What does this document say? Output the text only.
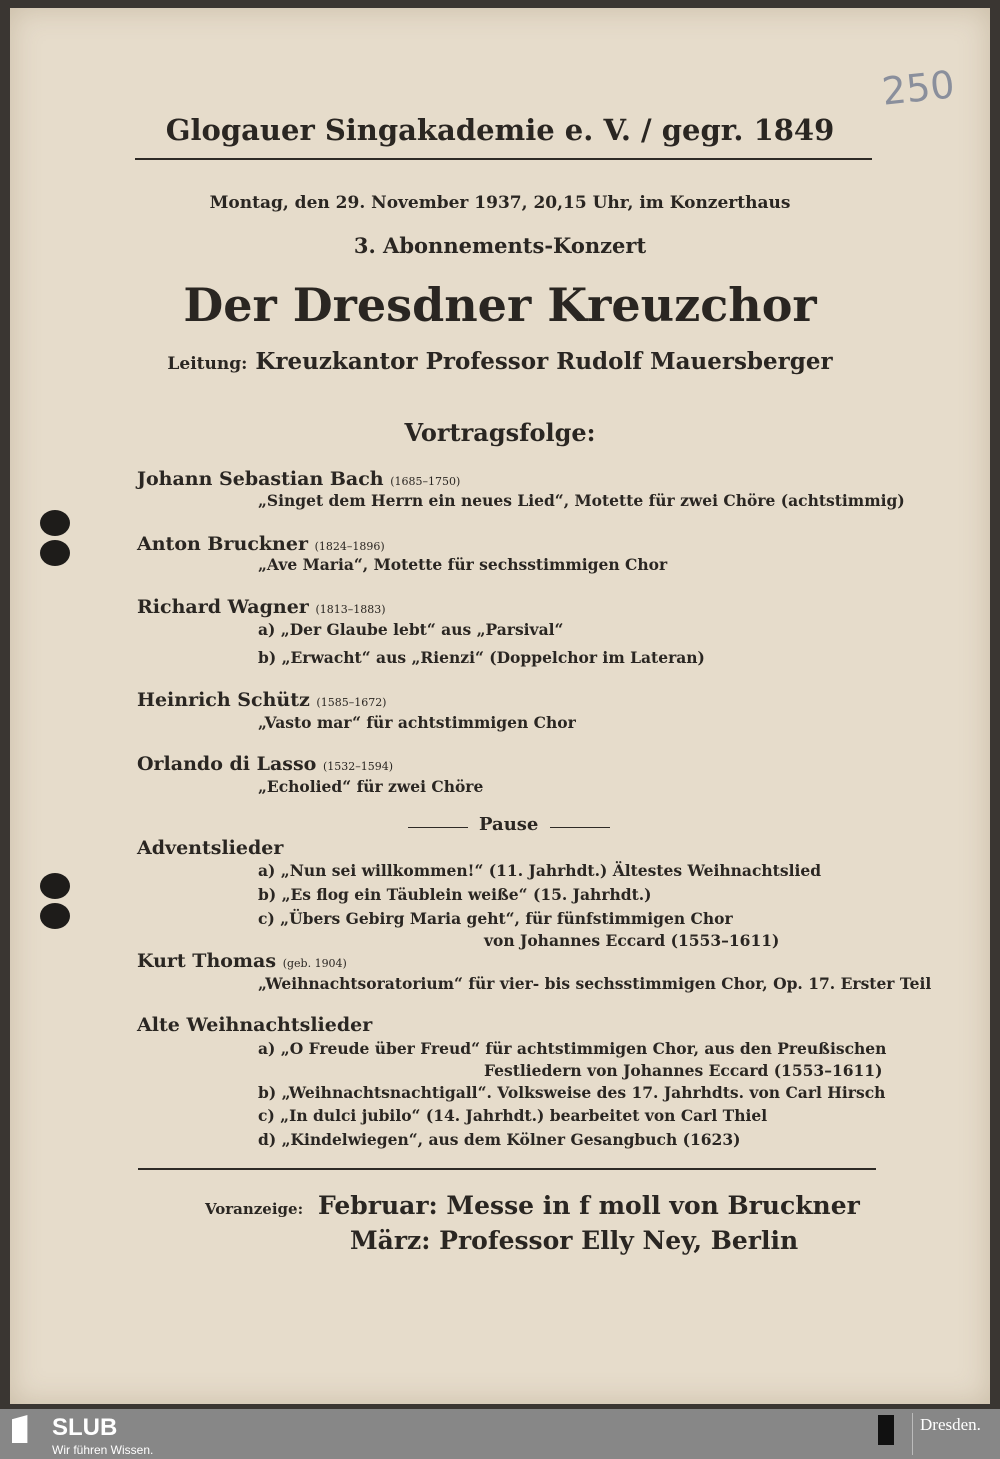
250
Glogauer Singakademie e. V. / gegr. 1849
Montag, den 29. November 1937, 20,15 Uhr, im Konzerthaus
3. Abonnements-Konzert
Der Dresdner Kreuzchor
Leitung: Kreuzkantor Professor Rudolf Mauersberger
Vortragsfolge:
Johann Sebastian Bach (1685–1750)
„Singet dem Herrn ein neues Lied“, Motette für zwei Chöre (achtstimmig)
Anton Bruckner (1824–1896)
„Ave Maria“, Motette für sechsstimmigen Chor
Richard Wagner (1813–1883)
a) „Der Glaube lebt“ aus „Parsival“
b) „Erwacht“ aus „Rienzi“ (Doppelchor im Lateran)
Heinrich Schütz (1585–1672)
„Vasto mar“ für achtstimmigen Chor
Orlando di Lasso (1532–1594)
„Echolied“ für zwei Chöre
Adventslieder
a) „Nun sei willkommen!“ (11. Jahrhdt.) Ältestes Weihnachtslied
b) „Es flog ein Täublein weiße“ (15. Jahrhdt.)
c) „Übers Gebirg Maria geht“, für fünfstimmigen Chor
von Johannes Eccard (1553–1611)
Kurt Thomas (geb. 1904)
„Weihnachtsoratorium“ für vier- bis sechsstimmigen Chor, Op. 17. Erster Teil
Alte Weihnachtslieder
a) „O Freude über Freud“ für achtstimmigen Chor, aus den Preußischen
Festliedern von Johannes Eccard (1553–1611)
b) „Weihnachtsnachtigall“. Volksweise des 17. Jahrhdts. von Carl Hirsch
c) „In dulci jubilo“ (14. Jahrhdt.) bearbeitet von Carl Thiel
d) „Kindelwiegen“, aus dem Kölner Gesangbuch (1623)
Pause
Voranzeige: Februar: Messe in f moll von Bruckner
März: Professor Elly Ney, Berlin
SLUB
Wir führen Wissen.
Dresden.
